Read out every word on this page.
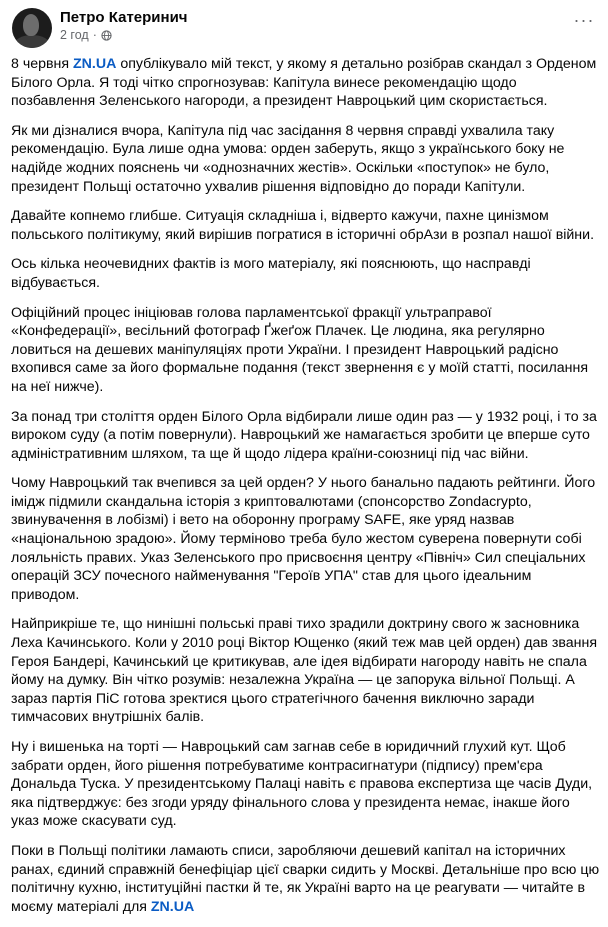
Петро Катеринич
2 год ·
···

8 червня ZN.UA опублікувало мій текст, у якому я детально розібрав скандал з Орденом Білого Орла. Я тоді чітко спрогнозував: Капітула винесе рекомендацію щодо позбавлення Зеленського нагороди, а президент Навроцький цим скористається.

Як ми дізналися вчора, Капітула під час засідання 8 червня справді ухвалила таку рекомендацію. Була лише одна умова: орден заберуть, якщо з українського боку не надійде жодних пояснень чи «однозначних жестів». Оскільки «поступок» не було, президент Польщі остаточно ухвалив рішення відповідно до поради Капітули.

Давайте копнемо глибше. Ситуація складніша і, відверто кажучи, пахне цинізмом польського політикуму, який вирішив погратися в історичні обрАзи в розпал нашої війни.

Ось кілька неочевидних фактів із мого матеріалу, які пояснюють, що насправді відбувається.

Офіційний процес ініціював голова парламентської фракції ультраправої «Конфедерації», весільний фотограф Ґжеґож Плачек. Це людина, яка регулярно ловиться на дешевих маніпуляціях проти України. І президент Навроцький радісно вхопився саме за його формальне подання (текст звернення є у моїй статті, посилання на неї нижче).

За понад три століття орден Білого Орла відбирали лише один раз — у 1932 році, і то за вироком суду (а потім повернули). Навроцький же намагається зробити це вперше суто адміністративним шляхом, та ще й щодо лідера країни-союзниці під час війни.

Чому Навроцький так вчепився за цей орден? У нього банально падають рейтинги. Його імідж підмили скандальна історія з криптовалютами (спонсорство Zondacrypto, звинувачення в лобізмі) і вето на оборонну програму SAFE, яке уряд назвав «національною зрадою». Йому терміново треба було жестом суверена повернути собі лояльність правих. Указ Зеленського про присвоєння центру «Північ» Сил спеціальних операцій ЗСУ почесного найменування "Героїв УПА" став для цього ідеальним приводом.

Найприкріше те, що нинішні польські праві тихо зрадили доктрину свого ж засновника Леха Качинського. Коли у 2010 році Віктор Ющенко (який теж мав цей орден) дав звання Героя Бандері, Качинський це критикував, але ідея відбирати нагороду навіть не спала йому на думку. Він чітко розумів: незалежна Україна — це запорука вільної Польщі. А зараз партія ПіС готова зректися цього стратегічного бачення виключно заради тимчасових внутрішніх балів.

Ну і вишенька на торті — Навроцький сам загнав себе в юридичний глухий кут. Щоб забрати орден, його рішення потребуватиме контрасигнатури (підпису) прем'єра Дональда Туска. У президентському Палаці навіть є правова експертиза ще часів Дуди, яка підтверджує: без згоди уряду фінального слова у президента немає, інакше його указ може скасувати суд.

Поки в Польщі політики ламають списи, заробляючи дешевий капітал на історичних ранах, єдиний справжній бенефіціар цієї сварки сидить у Москві. Детальніше про всю цю політичну кухню, інституційні пастки й те, як Україні варто на це реагувати — читайте в моєму матеріалі для ZN.UA
